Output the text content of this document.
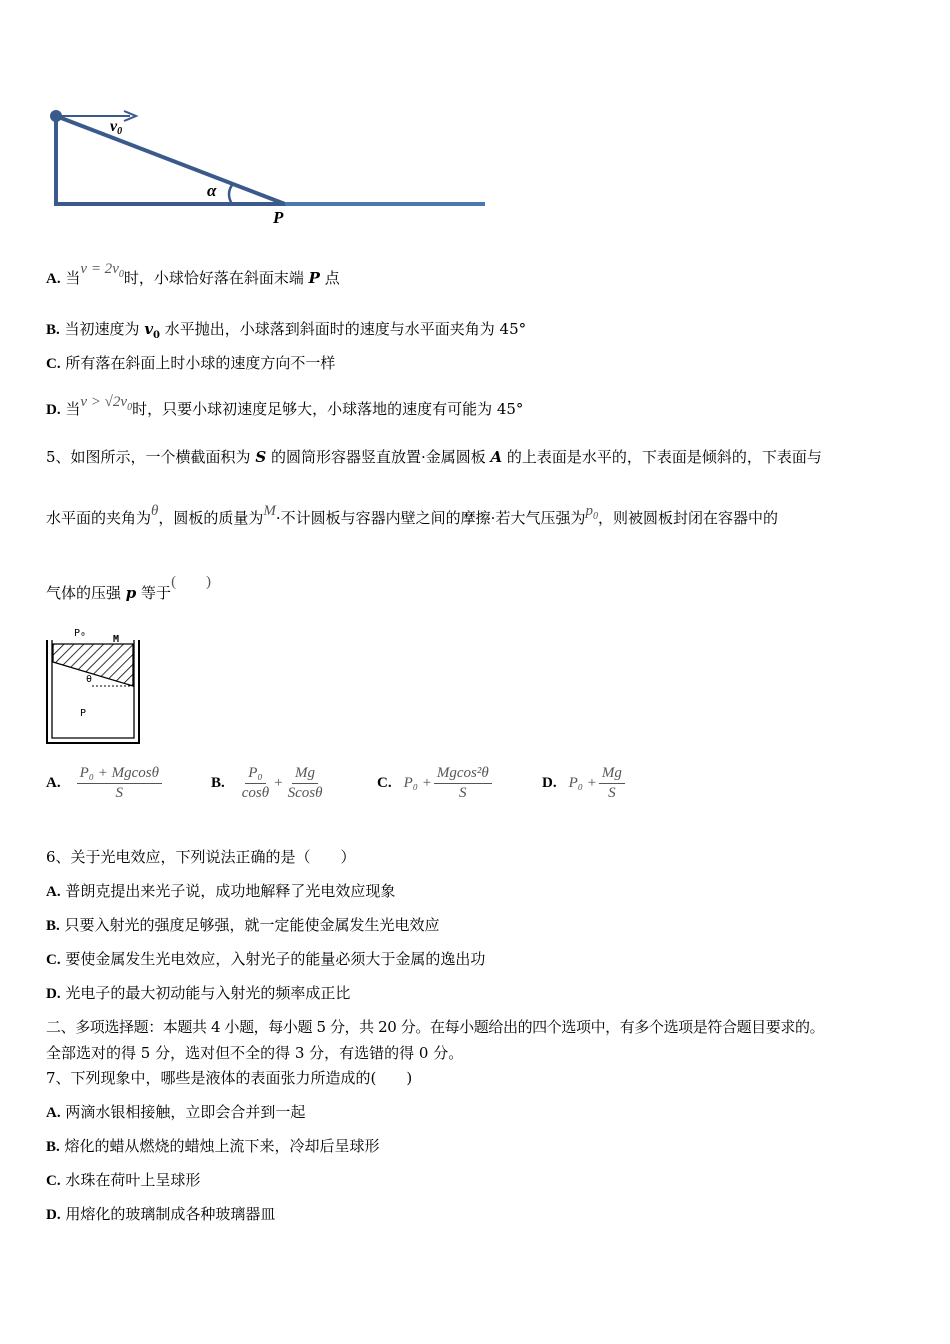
v0
α
P
A. 当$v = 2v_0$时，小球恰好落在斜面末端 P 点
B. 当初速度为 $v_0$ 水平抛出，小球落到斜面时的速度与水平面夹角为 45°
C. 所有落在斜面上时小球的速度方向不一样
D. 当$v > √2v_0$时，只要小球初速度足够大，小球落地的速度有可能为 45°
5、如图所示，一个横截面积为 S 的圆筒形容器竖直放置·金属圆板 A 的上表面是水平的，下表面是倾斜的，下表面与
水平面的夹角为θ，圆板的质量为M·不计圆板与容器内壁之间的摩擦·若大气压强为$p_0$，则被圆板封闭在容器中的
气体的压强 p 等于(　　)
P₀
M
θ
P
A. $\frac{\text{P₀ + Mgcosθ}}{S}$	B. $\frac{\text{P₀}}{\cos\theta} + \frac{Mg}{Scos\theta}$	C. $P_0 + \frac{\text{Mgcos²θ}}{S}$	D. $P_0 + \frac{Mg}{S}$
6、关于光电效应，下列说法正确的是（　　）
A. 普朗克提出来光子说，成功地解释了光电效应现象
B. 只要入射光的强度足够强，就一定能使金属发生光电效应
C. 要使金属发生光电效应，入射光子的能量必须大于金属的逸出功
D. 光电子的最大初动能与入射光的频率成正比
二、多项选择题：本题共 4 小题，每小题 5 分，共 20 分。在每小题给出的四个选项中，有多个选项是符合题目要求的。
全部选对的得 5 分，选对但不全的得 3 分，有选错的得 0 分。
7、下列现象中，哪些是液体的表面张力所造成的(　　)
A. 两滴水银相接触，立即会合并到一起
B. 熔化的蜡从燃烧的蜡烛上流下来，冷却后呈球形
C. 水珠在荷叶上呈球形
D. 用熔化的玻璃制成各种玻璃器皿
